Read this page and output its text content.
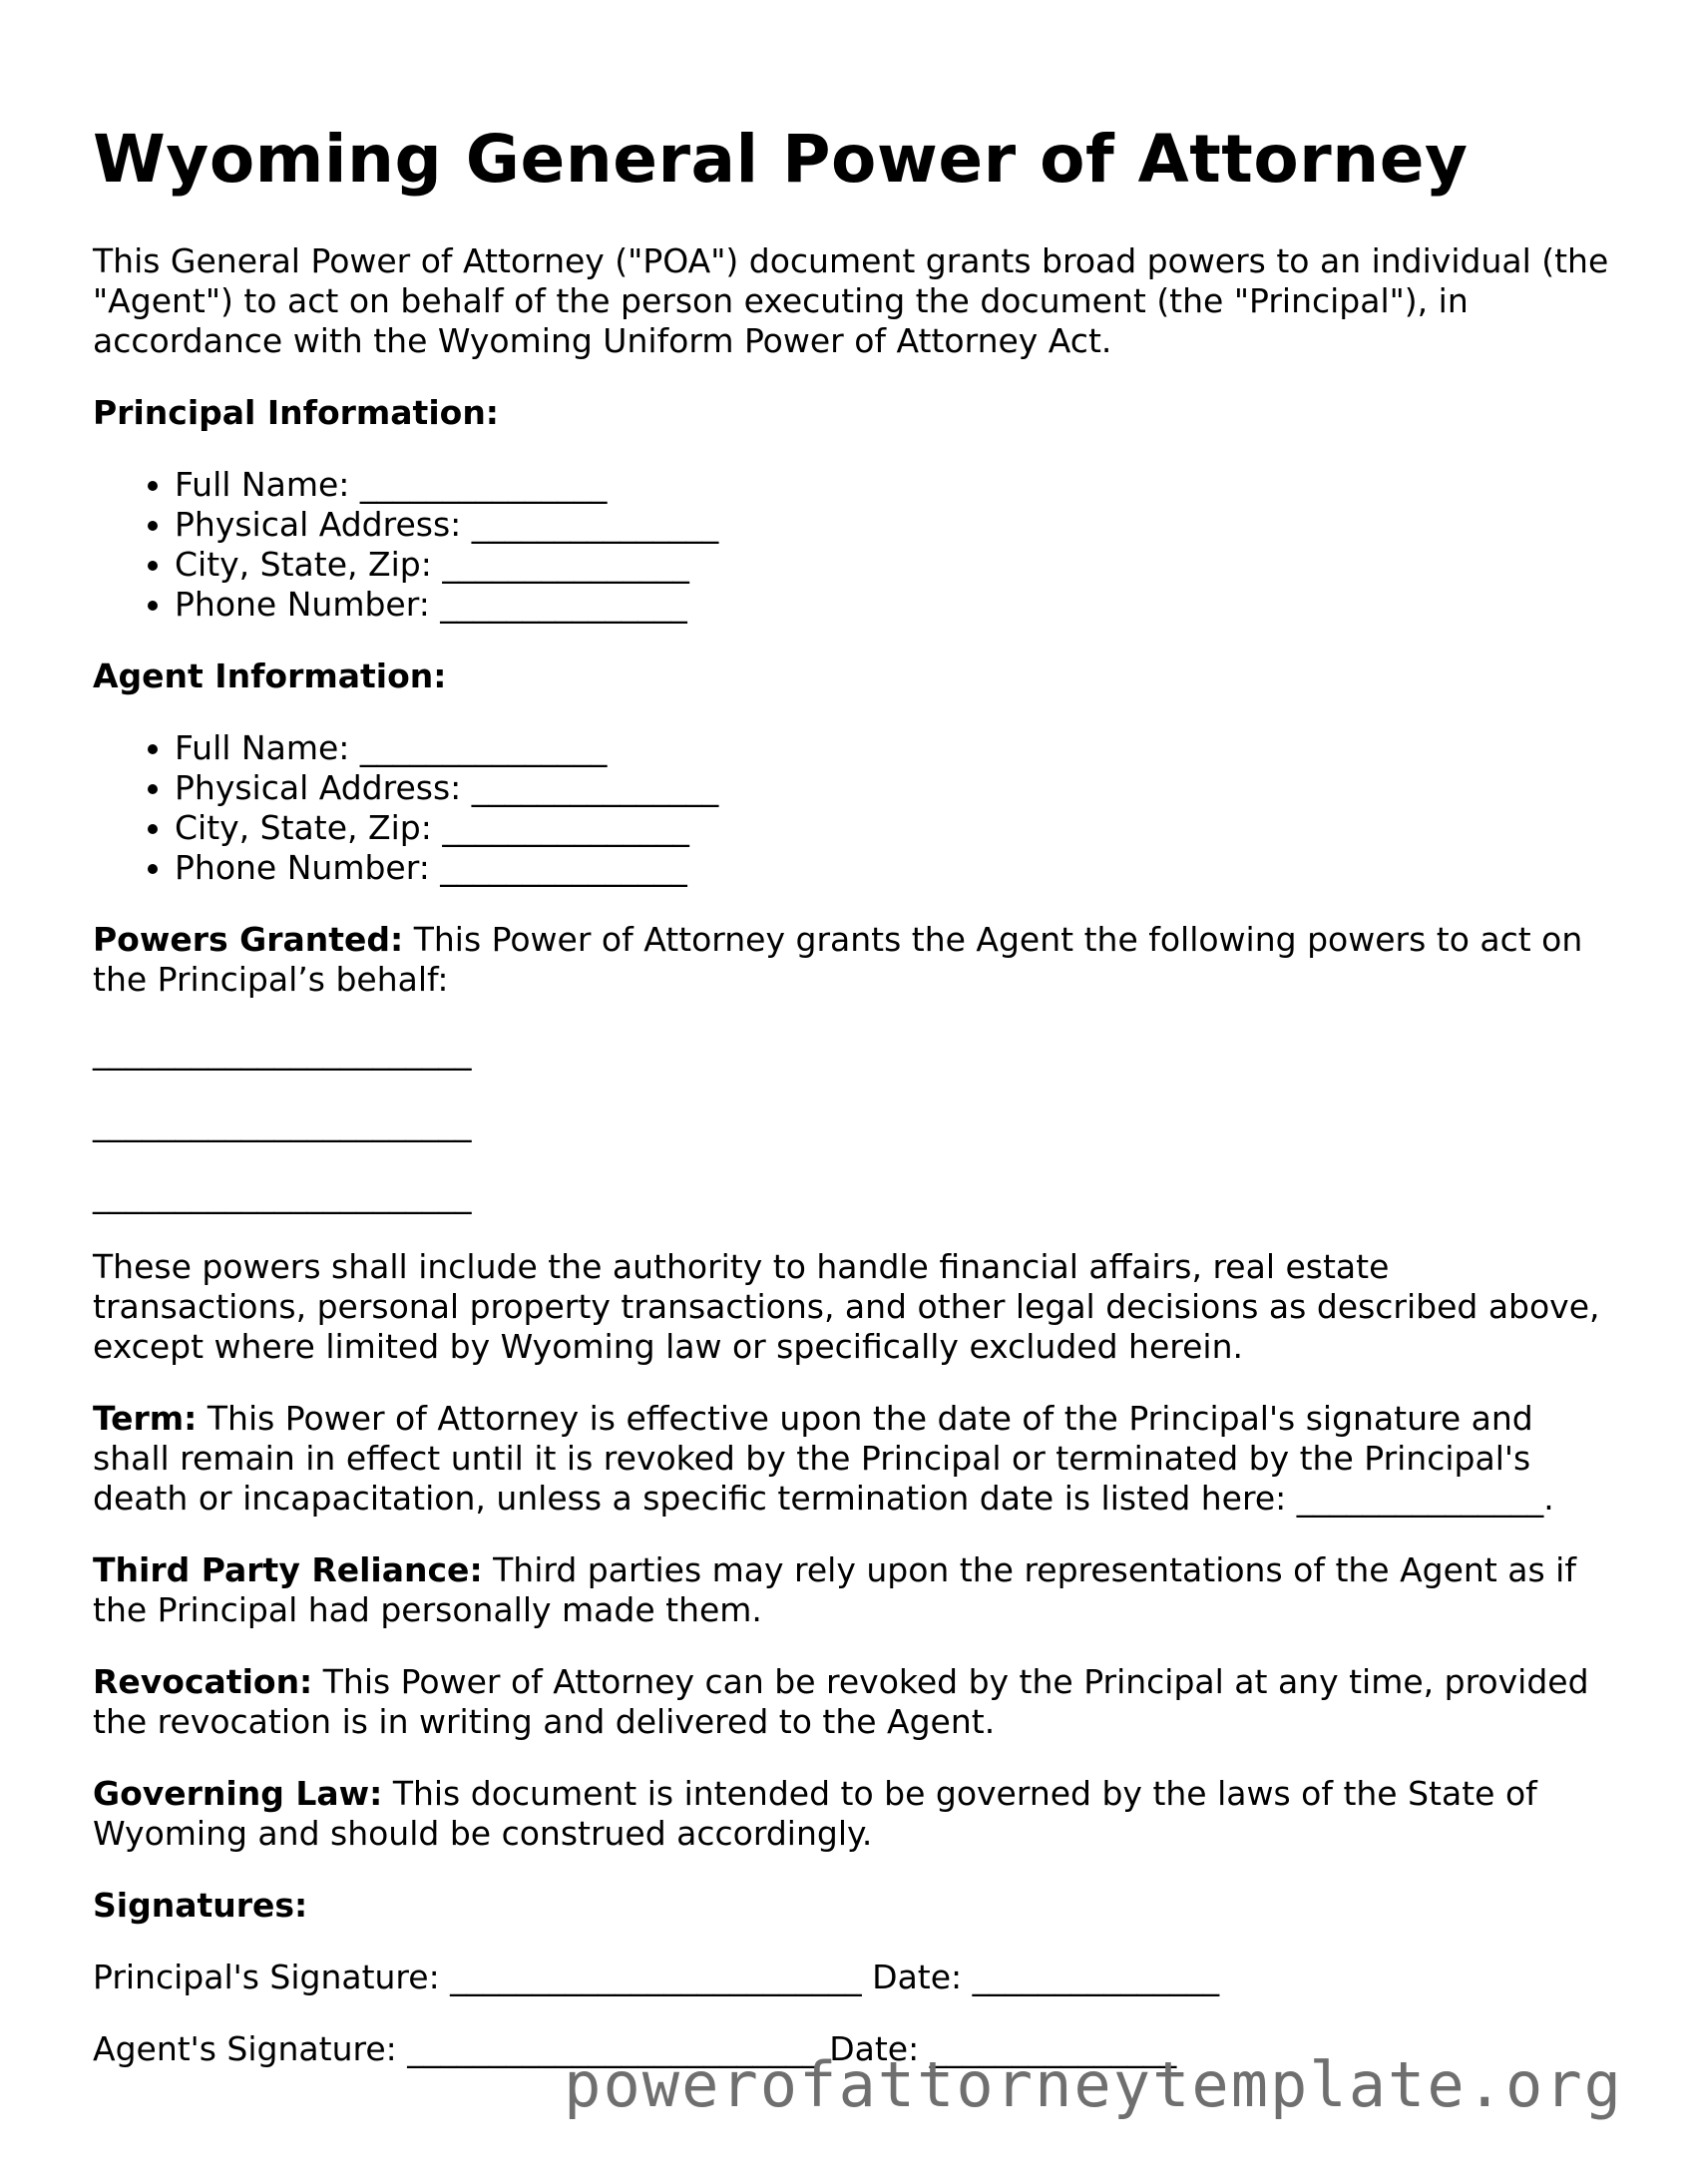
Wyoming General Power of Attorney

This General Power of Attorney ("POA") document grants broad powers to an individual (the "Agent") to act on behalf of the person executing the document (the "Principal"), in accordance with the Wyoming Uniform Power of Attorney Act.

Principal Information:

• Full Name: _______________
• Physical Address: _______________
• City, State, Zip: _______________
• Phone Number: _______________

Agent Information:

• Full Name: _______________
• Physical Address: _______________
• City, State, Zip: _______________
• Phone Number: _______________

Powers Granted: This Power of Attorney grants the Agent the following powers to act on the Principal’s behalf:

_______________________

_______________________

_______________________

These powers shall include the authority to handle financial affairs, real estate transactions, personal property transactions, and other legal decisions as described above, except where limited by Wyoming law or specifically excluded herein.

Term: This Power of Attorney is effective upon the date of the Principal's signature and shall remain in effect until it is revoked by the Principal or terminated by the Principal's death or incapacitation, unless a specific termination date is listed here: _______________.

Third Party Reliance: Third parties may rely upon the representations of the Agent as if the Principal had personally made them.

Revocation: This Power of Attorney can be revoked by the Principal at any time, provided the revocation is in writing and delivered to the Agent.

Governing Law: This document is intended to be governed by the laws of the State of Wyoming and should be construed accordingly.

Signatures:

Principal's Signature: _________________________ Date: _______________

Agent's Signature: _________________________ Date: _______________

powerofattorneytemplate.org
